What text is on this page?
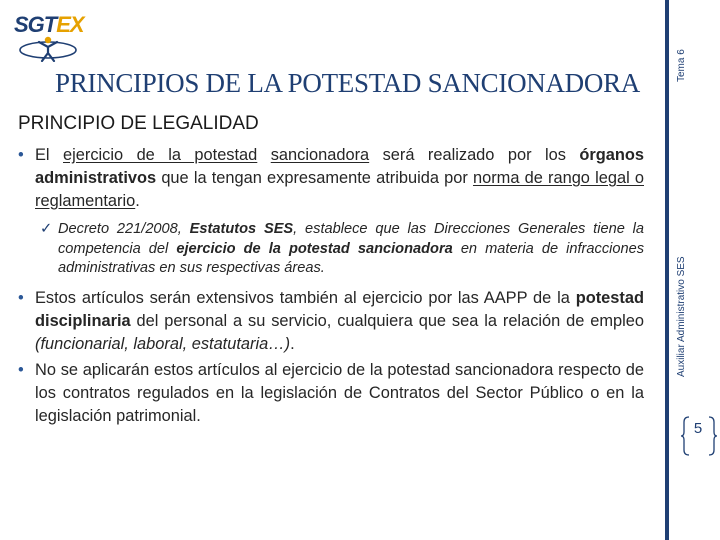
SGTEX
PRINCIPIOS DE LA POTESTAD SANCIONADORA
PRINCIPIO DE LEGALIDAD

• El ejercicio de la potestad sancionadora será realizado por los órganos administrativos que la tengan expresamente atribuida por norma de rango legal o reglamentario.

✓ Decreto 221/2008, Estatutos SES, establece que las Direcciones Generales tiene la competencia del ejercicio de la potestad sancionadora en materia de infracciones administrativas en sus respectivas áreas.

• Estos artículos serán extensivos también al ejercicio por las AAPP de la potestad disciplinaria del personal a su servicio, cualquiera que sea la relación de empleo (funcionarial, laboral, estatutaria…).

• No se aplicarán estos artículos al ejercicio de la potestad sancionadora respecto de los contratos regulados en la legislación de Contratos del Sector Público o en la legislación patrimonial.

Tema 6
Auxiliar Administrativo SES
5
